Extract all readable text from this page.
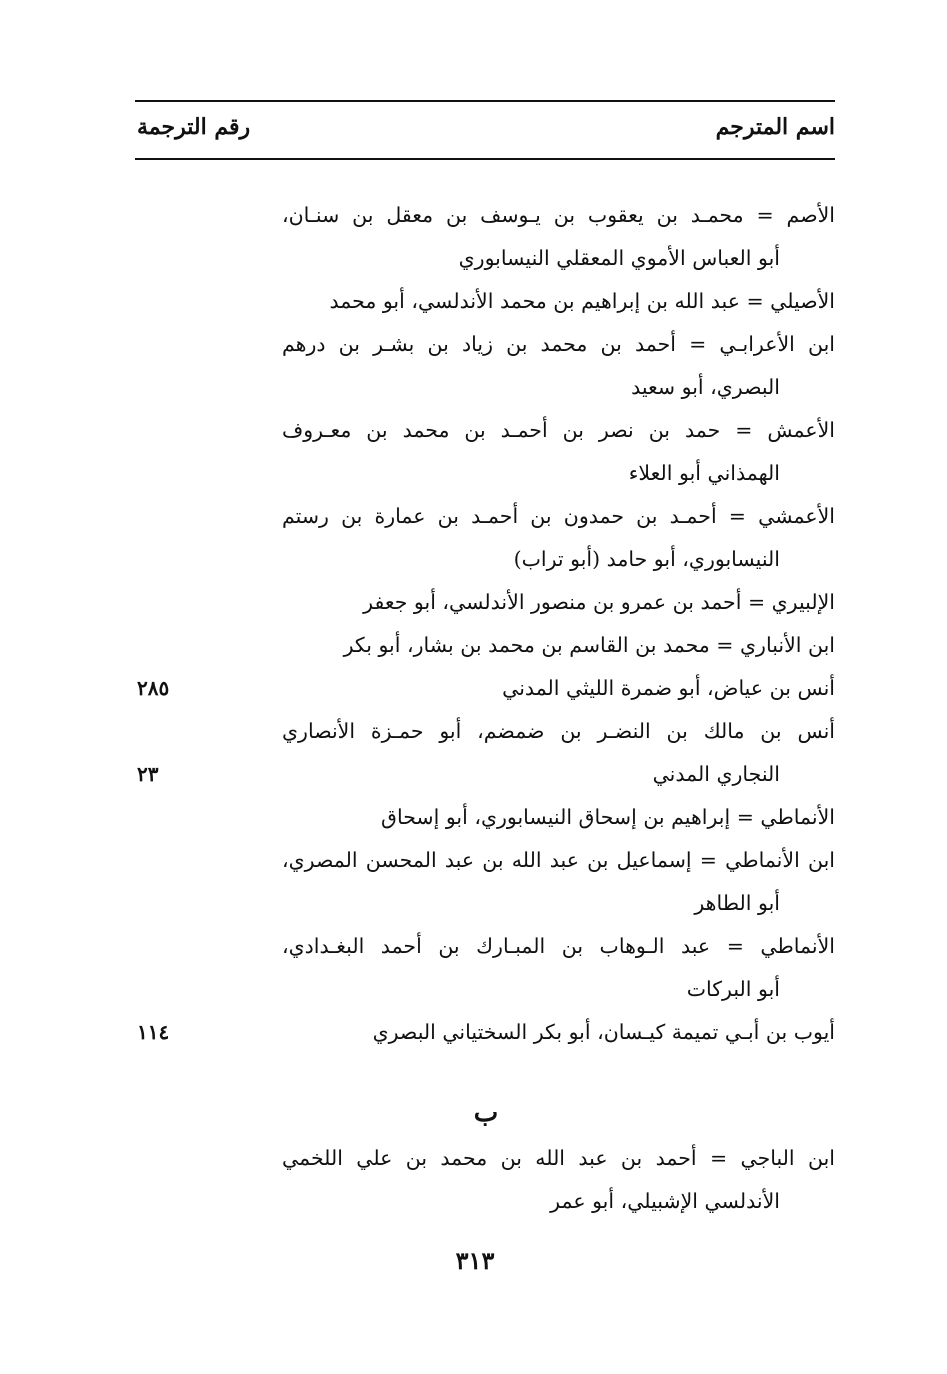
اسم المترجم
رقم الترجمة
الأصم = محمـد بن يعقوب بن يـوسف بن معقل بن سنـان،
أبو العباس الأموي المعقلي النيسابوري
الأصيلي = عبد الله بن إبراهيم بن محمد الأندلسي، أبو محمد
ابن الأعرابـي = أحمد بن محمد بن زياد بن بشـر بن درهم
البصري، أبو سعيد
الأعمش = حمد بن نصر بن أحمـد بن محمد بن معـروف
الهمذاني أبو العلاء
الأعمشي = أحمـد بن حمدون بن أحمـد بن عمارة بن رستم
النيسابوري، أبو حامد (أبو تراب)
الإلبيري = أحمد بن عمرو بن منصور الأندلسي، أبو جعفر
ابن الأنباري = محمد بن القاسم بن محمد بن بشار، أبو بكر
أنس بن عياض، أبو ضمرة الليثي المدني
٢٨٥
أنس بن مالك بن النضـر بن ضمضم، أبو حمـزة الأنصاري
النجاري المدني
٢٣
الأنماطي = إبراهيم بن إسحاق النيسابوري، أبو إسحاق
ابن الأنماطي = إسماعيل بن عبد الله بن عبد المحسن المصري،
أبو الطاهر
الأنماطي = عبد الـوهاب بن المبـارك بن أحمد البغـدادي،
أبو البركات
أيوب بن أبـي تميمة كيـسان، أبو بكر السختياني البصري
١١٤
ب
ابن الباجي = أحمد بن عبد الله بن محمد بن علي اللخمي
الأندلسي الإشبيلي، أبو عمر
٣١٣
